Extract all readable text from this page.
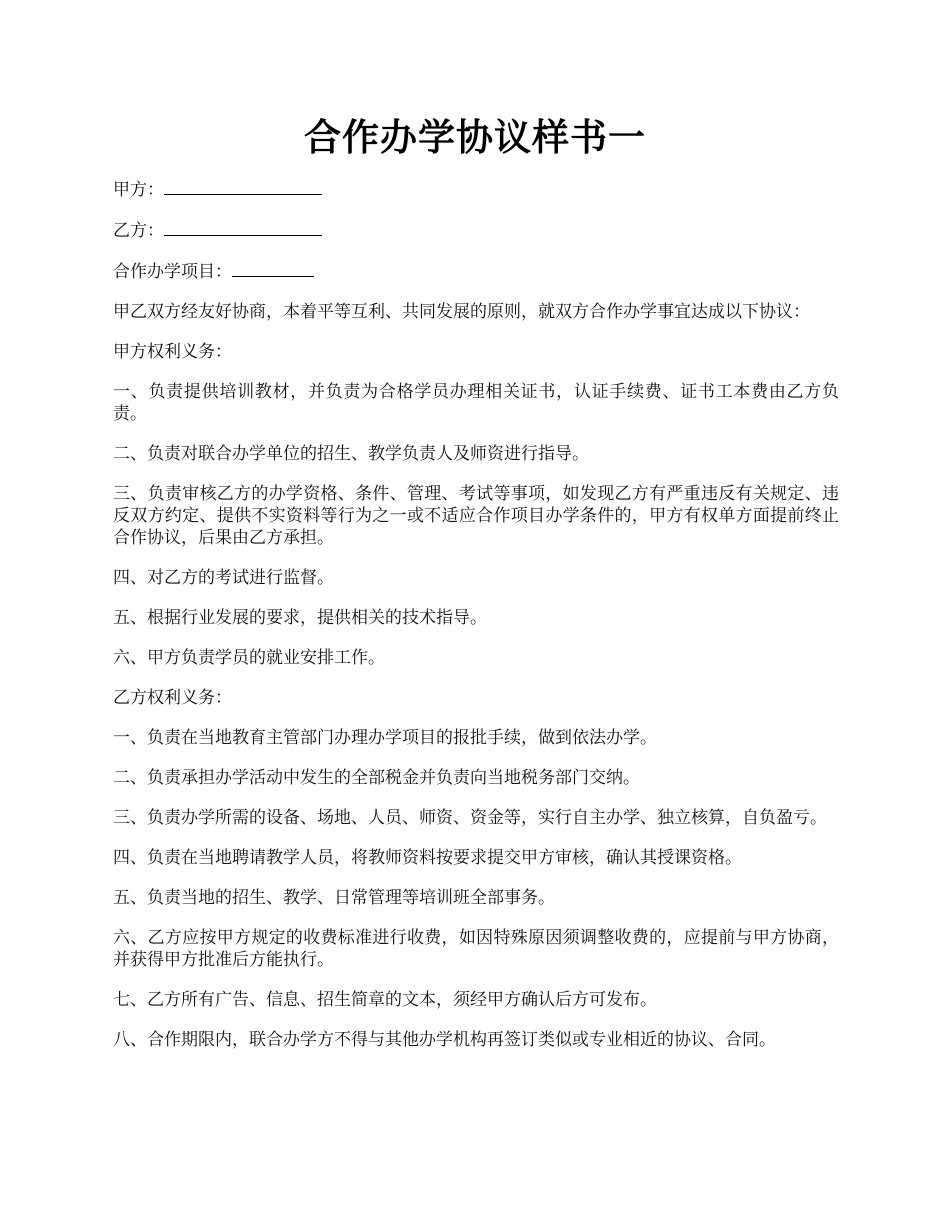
合作办学协议样书一

甲方：

乙方：

合作办学项目：

甲乙双方经友好协商，本着平等互利、共同发展的原则，就双方合作办学事宜达成以下协议：

甲方权利义务：

一、负责提供培训教材，并负责为合格学员办理相关证书，认证手续费、证书工本费由乙方负责。

二、负责对联合办学单位的招生、教学负责人及师资进行指导。

三、负责审核乙方的办学资格、条件、管理、考试等事项，如发现乙方有严重违反有关规定、违反双方约定、提供不实资料等行为之一或不适应合作项目办学条件的，甲方有权单方面提前终止合作协议，后果由乙方承担。

四、对乙方的考试进行监督。

五、根据行业发展的要求，提供相关的技术指导。

六、甲方负责学员的就业安排工作。

乙方权利义务：

一、负责在当地教育主管部门办理办学项目的报批手续，做到依法办学。

二、负责承担办学活动中发生的全部税金并负责向当地税务部门交纳。

三、负责办学所需的设备、场地、人员、师资、资金等，实行自主办学、独立核算，自负盈亏。

四、负责在当地聘请教学人员，将教师资料按要求提交甲方审核，确认其授课资格。

五、负责当地的招生、教学、日常管理等培训班全部事务。

六、乙方应按甲方规定的收费标准进行收费，如因特殊原因须调整收费的，应提前与甲方协商，并获得甲方批准后方能执行。

七、乙方所有广告、信息、招生简章的文本，须经甲方确认后方可发布。

八、合作期限内，联合办学方不得与其他办学机构再签订类似或专业相近的协议、合同。
